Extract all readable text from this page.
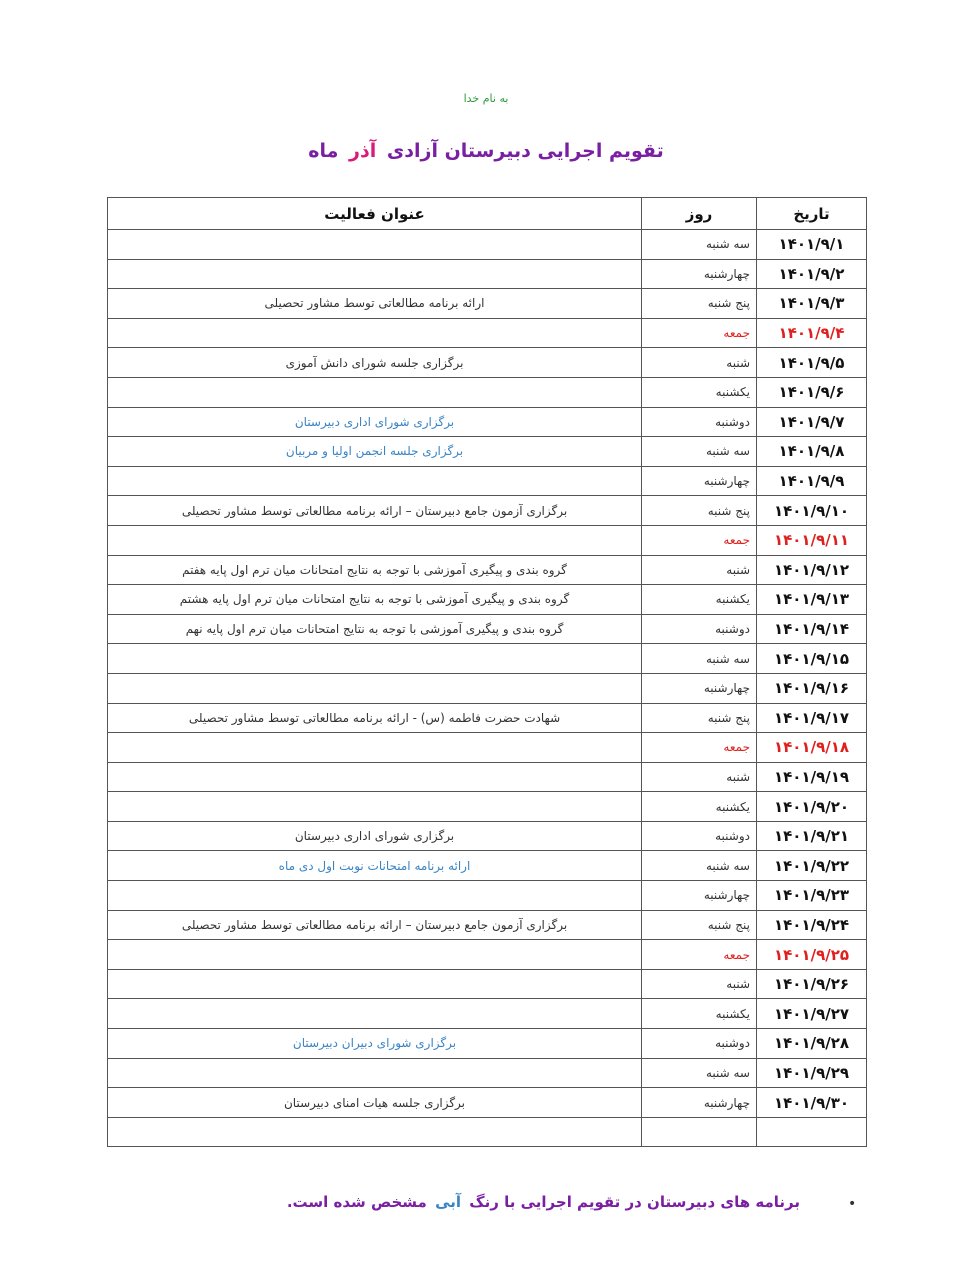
به نام خدا
تقویم اجرایی دبیرستان آزادی آذر ماه
تاریخ	روز	عنوان فعالیت
۱۴۰۱/۹/۱	سه شنبه	
۱۴۰۱/۹/۲	چهارشنبه	
۱۴۰۱/۹/۳	پنج شنبه	ارائه برنامه مطالعاتی توسط مشاور تحصیلی
۱۴۰۱/۹/۴	جمعه	
۱۴۰۱/۹/۵	شنبه	برگزاری جلسه شورای دانش آموزی
۱۴۰۱/۹/۶	یکشنبه	
۱۴۰۱/۹/۷	دوشنبه	برگزاری شورای اداری دبیرستان
۱۴۰۱/۹/۸	سه شنبه	برگزاری جلسه انجمن اولیا و مربیان
۱۴۰۱/۹/۹	چهارشنبه	
۱۴۰۱/۹/۱۰	پنج شنبه	برگزاری آزمون جامع دبیرستان – ارائه برنامه مطالعاتی توسط مشاور تحصیلی
۱۴۰۱/۹/۱۱	جمعه	
۱۴۰۱/۹/۱۲	شنبه	گروه بندی و پیگیری آموزشی با توجه به نتایج امتحانات میان ترم اول پایه هفتم
۱۴۰۱/۹/۱۳	یکشنبه	گروه بندی و پیگیری آموزشی با توجه به نتایج امتحانات میان ترم اول پایه هشتم
۱۴۰۱/۹/۱۴	دوشنبه	گروه بندی و پیگیری آموزشی با توجه به نتایج امتحانات میان ترم اول پایه نهم
۱۴۰۱/۹/۱۵	سه شنبه	
۱۴۰۱/۹/۱۶	چهارشنبه	
۱۴۰۱/۹/۱۷	پنج شنبه	شهادت حضرت فاطمه (س) - ارائه برنامه مطالعاتی توسط مشاور تحصیلی
۱۴۰۱/۹/۱۸	جمعه	
۱۴۰۱/۹/۱۹	شنبه	
۱۴۰۱/۹/۲۰	یکشنبه	
۱۴۰۱/۹/۲۱	دوشنبه	برگزاری شورای اداری دبیرستان
۱۴۰۱/۹/۲۲	سه شنبه	ارائه برنامه امتحانات نوبت اول دی ماه
۱۴۰۱/۹/۲۳	چهارشنبه	
۱۴۰۱/۹/۲۴	پنج شنبه	برگزاری آزمون جامع دبیرستان – ارائه برنامه مطالعاتی توسط مشاور تحصیلی
۱۴۰۱/۹/۲۵	جمعه	
۱۴۰۱/۹/۲۶	شنبه	
۱۴۰۱/۹/۲۷	یکشنبه	
۱۴۰۱/۹/۲۸	دوشنبه	برگزاری شورای دبیران دبیرستان
۱۴۰۱/۹/۲۹	سه شنبه	
۱۴۰۱/۹/۳۰	چهارشنبه	برگزاری جلسه هیات امنای دبیرستان

•
برنامه های دبیرستان در تقویم اجرایی با رنگ آبی مشخص شده است.
